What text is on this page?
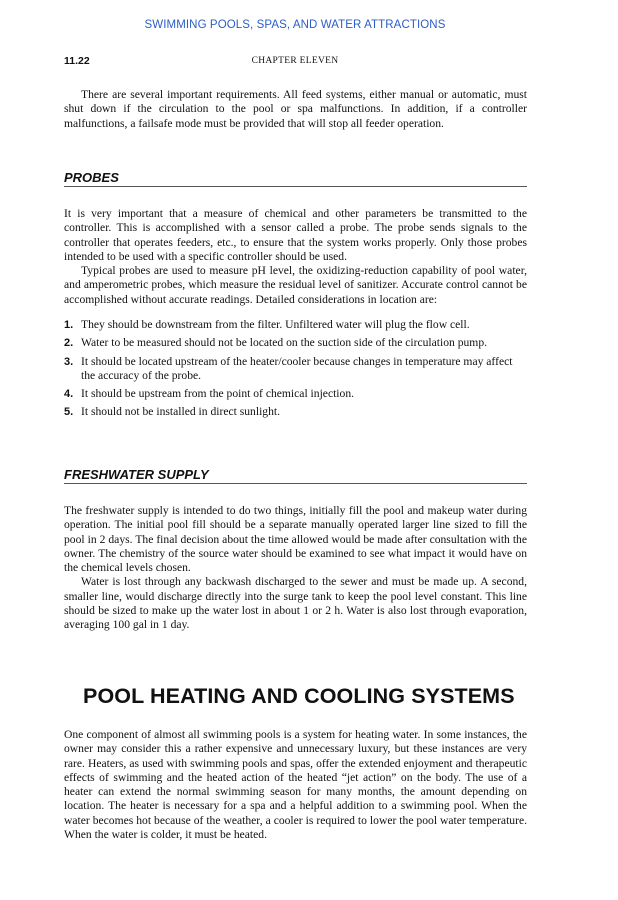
SWIMMING POOLS, SPAS, AND WATER ATTRACTIONS
11.22	CHAPTER ELEVEN

There are several important requirements. All feed systems, either manual or automatic, must shut down if the circulation to the pool or spa malfunctions. In addition, if a controller malfunctions, a failsafe mode must be provided that will stop all feeder operation.

PROBES

It is very important that a measure of chemical and other parameters be transmitted to the controller. This is accomplished with a sensor called a probe. The probe sends signals to the controller that operates feeders, etc., to ensure that the system works properly. Only those probes intended to be used with a specific controller should be used.

Typical probes are used to measure pH level, the oxidizing-reduction capability of pool water, and amperometric probes, which measure the residual level of sanitizer. Accurate control cannot be accomplished without accurate readings. Detailed considerations in location are:

1. They should be downstream from the filter. Unfiltered water will plug the flow cell.
2. Water to be measured should not be located on the suction side of the circulation pump.
3. It should be located upstream of the heater/cooler because changes in temperature may affect the accuracy of the probe.
4. It should be upstream from the point of chemical injection.
5. It should not be installed in direct sunlight.
FRESHWATER SUPPLY

The freshwater supply is intended to do two things, initially fill the pool and makeup water during operation. The initial pool fill should be a separate manually operated larger line sized to fill the pool in 2 days. The final decision about the time allowed would be made after consultation with the owner. The chemistry of the source water should be examined to see what impact it would have on the chemical levels chosen.

Water is lost through any backwash discharged to the sewer and must be made up. A second, smaller line, would discharge directly into the surge tank to keep the pool level constant. This line should be sized to make up the water lost in about 1 or 2 h. Water is also lost through evaporation, averaging 100 gal in 1 day.

POOL HEATING AND COOLING SYSTEMS

One component of almost all swimming pools is a system for heating water. In some instances, the owner may consider this a rather expensive and unnecessary luxury, but these instances are very rare. Heaters, as used with swimming pools and spas, offer the extended enjoyment and therapeutic effects of swimming and the heated action of the heated “jet action” on the body. The use of a heater can extend the normal swimming season for many months, the amount depending on location. The heater is necessary for a spa and a helpful addition to a swimming pool. When the water becomes hot because of the weather, a cooler is required to lower the pool water temperature. When the water is colder, it must be heated.
